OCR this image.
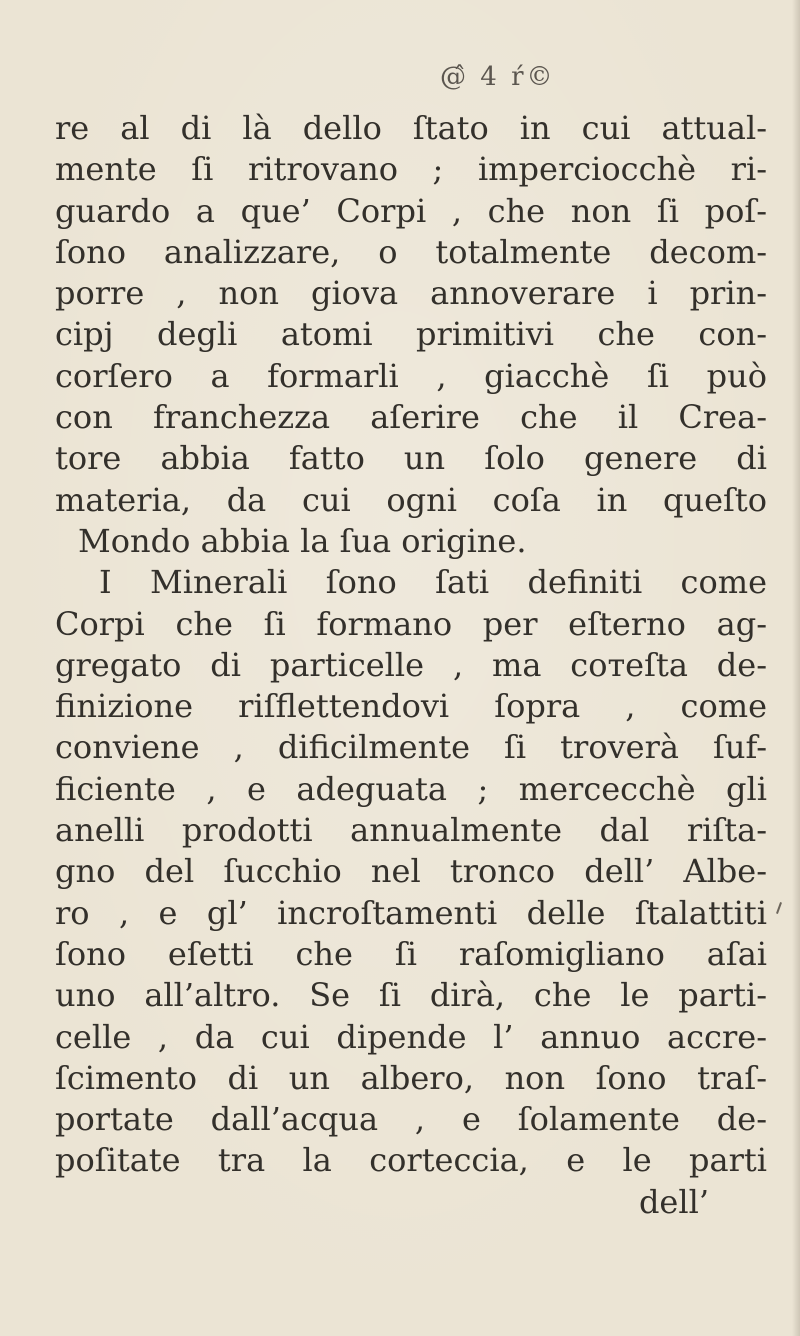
@̂ 4 ŕ©
re al di là dello ſtato in cui attual-
mente ſi ritrovano ; imperciocchè ri-
guardo a que’ Corpi , che non ſi poſ-
ſono analizzare, o totalmente decom-
porre , non giova annoverare i prin-
cipj degli atomi primitivi che con-
corſero a formarli , giacchè ſi può
con franchezza aſerire che il Crea-
tore abbia fatto un ſolo genere di
materia, da cui ogni coſa in queſto
Mondo abbia la ſua origine.
I Minerali ſono ſati definiti come
Corpi che ſi formano per eſterno ag-
gregato di particelle , ma coтеſta de-
finizione riſflettendovi ſopra , come
conviene , dificilmente ſi troverà ſuf-
ficiente , e adeguata ; mercecchè gli
anelli prodotti annualmente dal riſta-
gno del ſucchio nel tronco dell’ Albe-
ro , e gl’ incroſtamenti delle ſtalattiti
ſono eſetti che ſi raſomigliano aſai
uno all’altro. Se ſi dirà, che le parti-
celle , da cui dipende l’ annuo accre-
ſcimento di un albero, non ſono traſ-
portate dall’acqua , e ſolamente de-
poſitate tra la corteccia, e le parti
dell’
